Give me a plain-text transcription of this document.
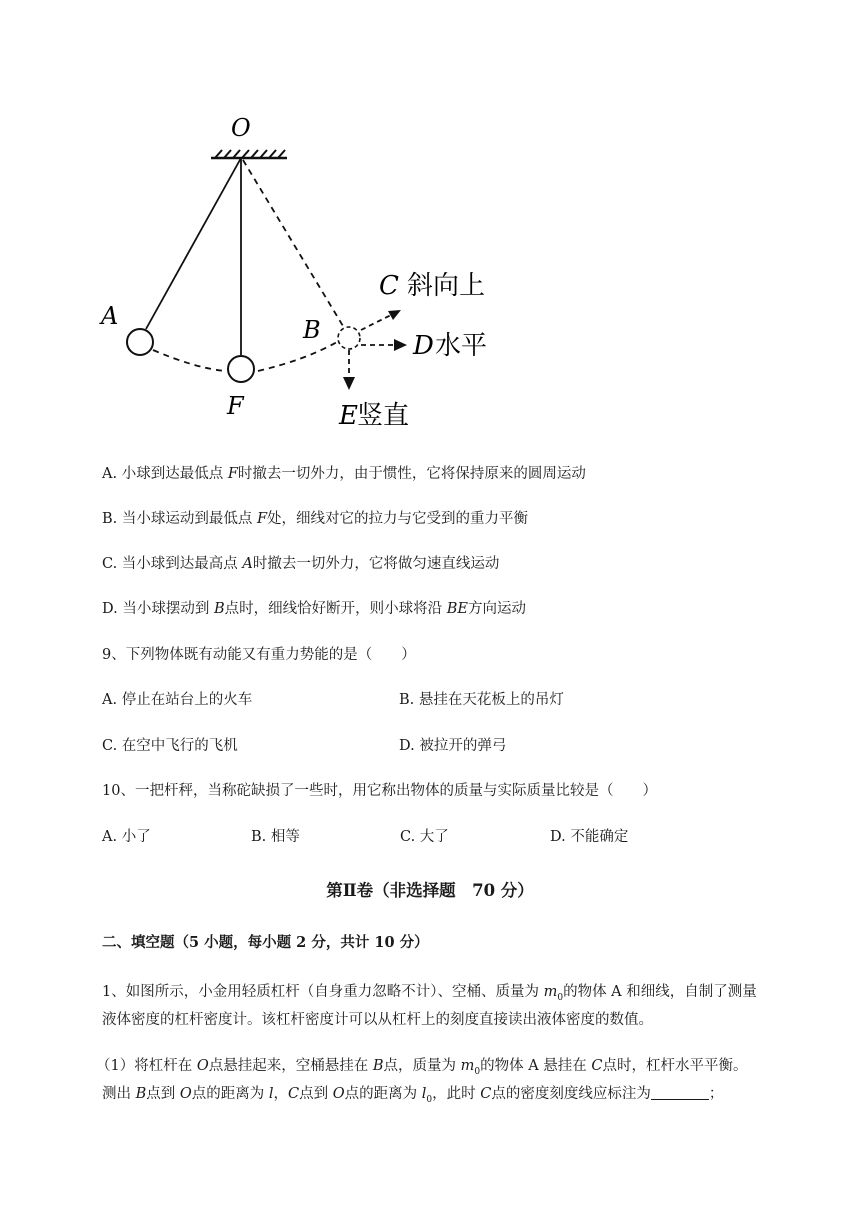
O
A
F
B
C 斜向上
D 水平
E 竖直
A. 小球到达最低点 F时撤去一切外力，由于惯性，它将保持原来的圆周运动
B. 当小球运动到最低点 F处，细线对它的拉力与它受到的重力平衡
C. 当小球到达最高点 A时撤去一切外力，它将做匀速直线运动
D. 当小球摆动到 B点时，细线恰好断开，则小球将沿 BE方向运动
9、下列物体既有动能又有重力势能的是（　　）
A. 停止在站台上的火车	B. 悬挂在天花板上的吊灯
C. 在空中飞行的飞机	D. 被拉开的弹弓
10、一把杆秤，当称砣缺损了一些时，用它称出物体的质量与实际质量比较是（　　）
A. 小了	B. 相等	C. 大了	D. 不能确定
第Ⅱ卷（非选择题　70 分）
二、填空题（5 小题，每小题 2 分，共计 10 分）
1、如图所示，小金用轻质杠杆（自身重力忽略不计）、空桶、质量为 $m_0$的物体 A 和细线，自制了测量
液体密度的杠杆密度计。该杠杆密度计可以从杠杆上的刻度直接读出液体密度的数值。
（1）将杠杆在 O点悬挂起来，空桶悬挂在 B点，质量为 $m_0$的物体 A 悬挂在 C点时，杠杆水平平衡。
测出 B点到 O点的距离为 l，C点到 O点的距离为 $l_0$，此时 C点的密度刻度线应标注为	；
